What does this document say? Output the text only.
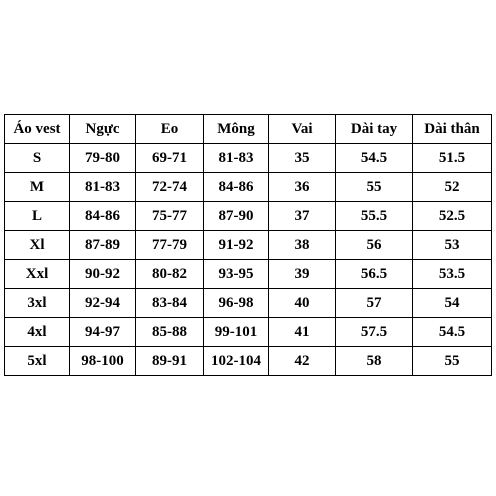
Áo vest	Ngực	Eo	Mông	Vai	Dài tay	Dài thân
S	79-80	69-71	81-83	35	54.5	51.5
M	81-83	72-74	84-86	36	55	52
L	84-86	75-77	87-90	37	55.5	52.5
Xl	87-89	77-79	91-92	38	56	53
Xxl	90-92	80-82	93-95	39	56.5	53.5
3xl	92-94	83-84	96-98	40	57	54
4xl	94-97	85-88	99-101	41	57.5	54.5
5xl	98-100	89-91	102-104	42	58	55
